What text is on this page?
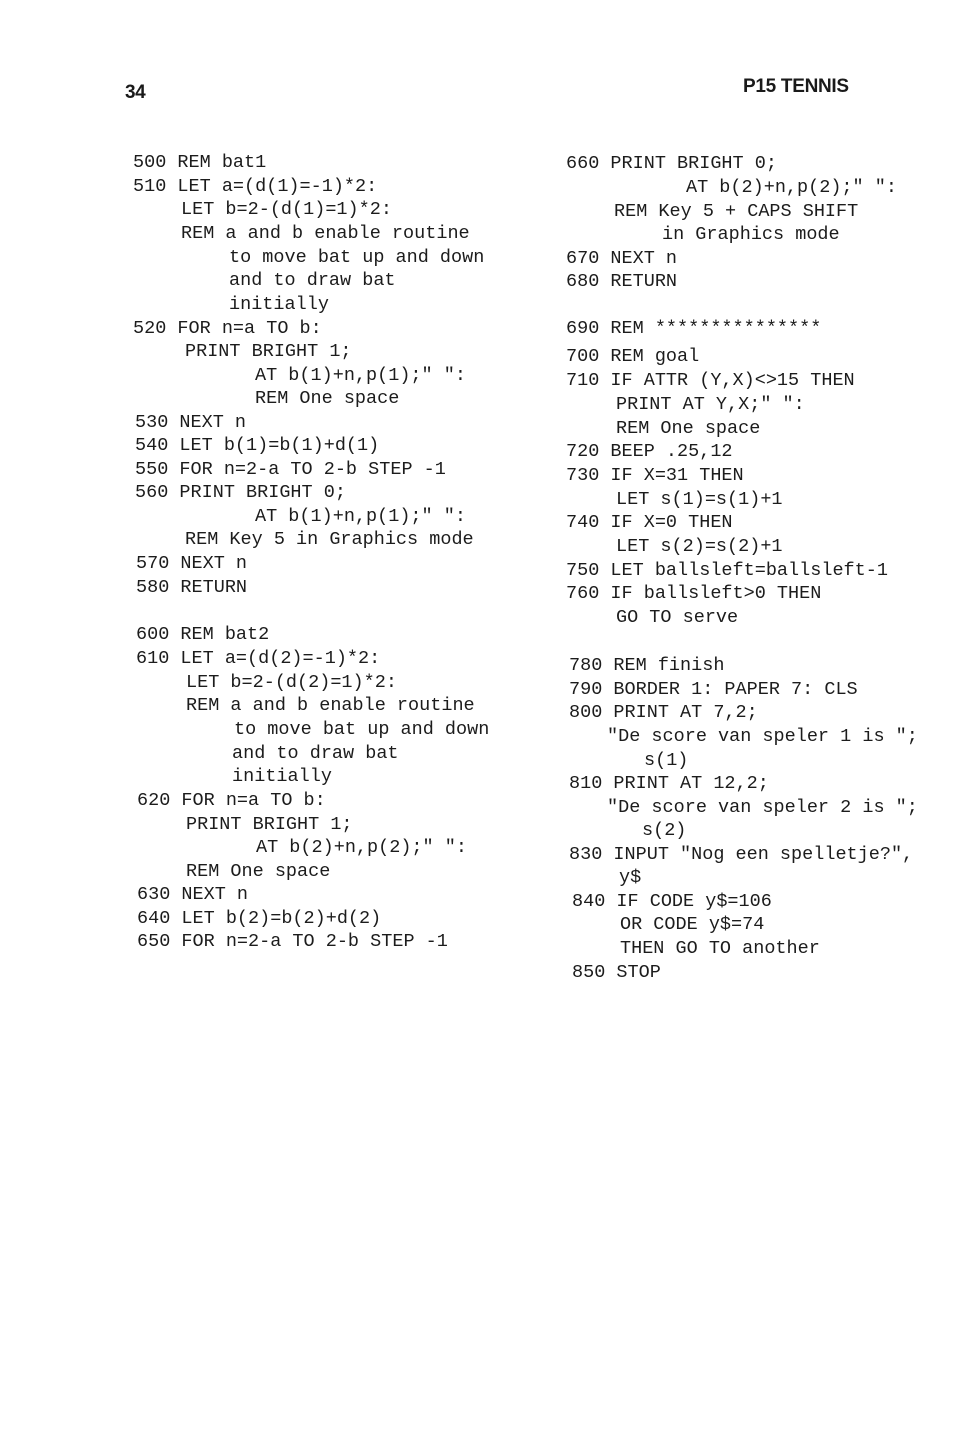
34	P15 TENNIS
500 REM bat1
510 LET a=(d(1)=-1)*2:
LET b=2-(d(1)=1)*2:
REM a and b enable routine
to move bat up and down
and to draw bat
initially
520 FOR n=a TO b:
PRINT BRIGHT 1;
AT b(1)+n,p(1);" ":
REM One space
530 NEXT n
540 LET b(1)=b(1)+d(1)
550 FOR n=2-a TO 2-b STEP -1
560 PRINT BRIGHT 0;
AT b(1)+n,p(1);" ":
REM Key 5 in Graphics mode
570 NEXT n
580 RETURN
600 REM bat2
610 LET a=(d(2)=-1)*2:
LET b=2-(d(2)=1)*2:
REM a and b enable routine
to move bat up and down
and to draw bat
initially
620 FOR n=a TO b:
PRINT BRIGHT 1;
AT b(2)+n,p(2);" ":
REM One space
630 NEXT n
640 LET b(2)=b(2)+d(2)
650 FOR n=2-a TO 2-b STEP -1
660 PRINT BRIGHT 0;
AT b(2)+n,p(2);" ":
REM Key 5 + CAPS SHIFT
in Graphics mode
670 NEXT n
680 RETURN
690 REM ***************
700 REM goal
710 IF ATTR (Y,X)<>15 THEN
PRINT AT Y,X;" ":
REM One space
720 BEEP .25,12
730 IF X=31 THEN
LET s(1)=s(1)+1
740 IF X=0 THEN
LET s(2)=s(2)+1
750 LET ballsleft=ballsleft-1
760 IF ballsleft>0 THEN
GO TO serve
780 REM finish
790 BORDER 1: PAPER 7: CLS
800 PRINT AT 7,2;
"De score van speler 1 is ";
s(1)
810 PRINT AT 12,2;
"De score van speler 2 is ";
s(2)
830 INPUT "Nog een spelletje?",
y$
840 IF CODE y$=106
OR CODE y$=74
THEN GO TO another
850 STOP
